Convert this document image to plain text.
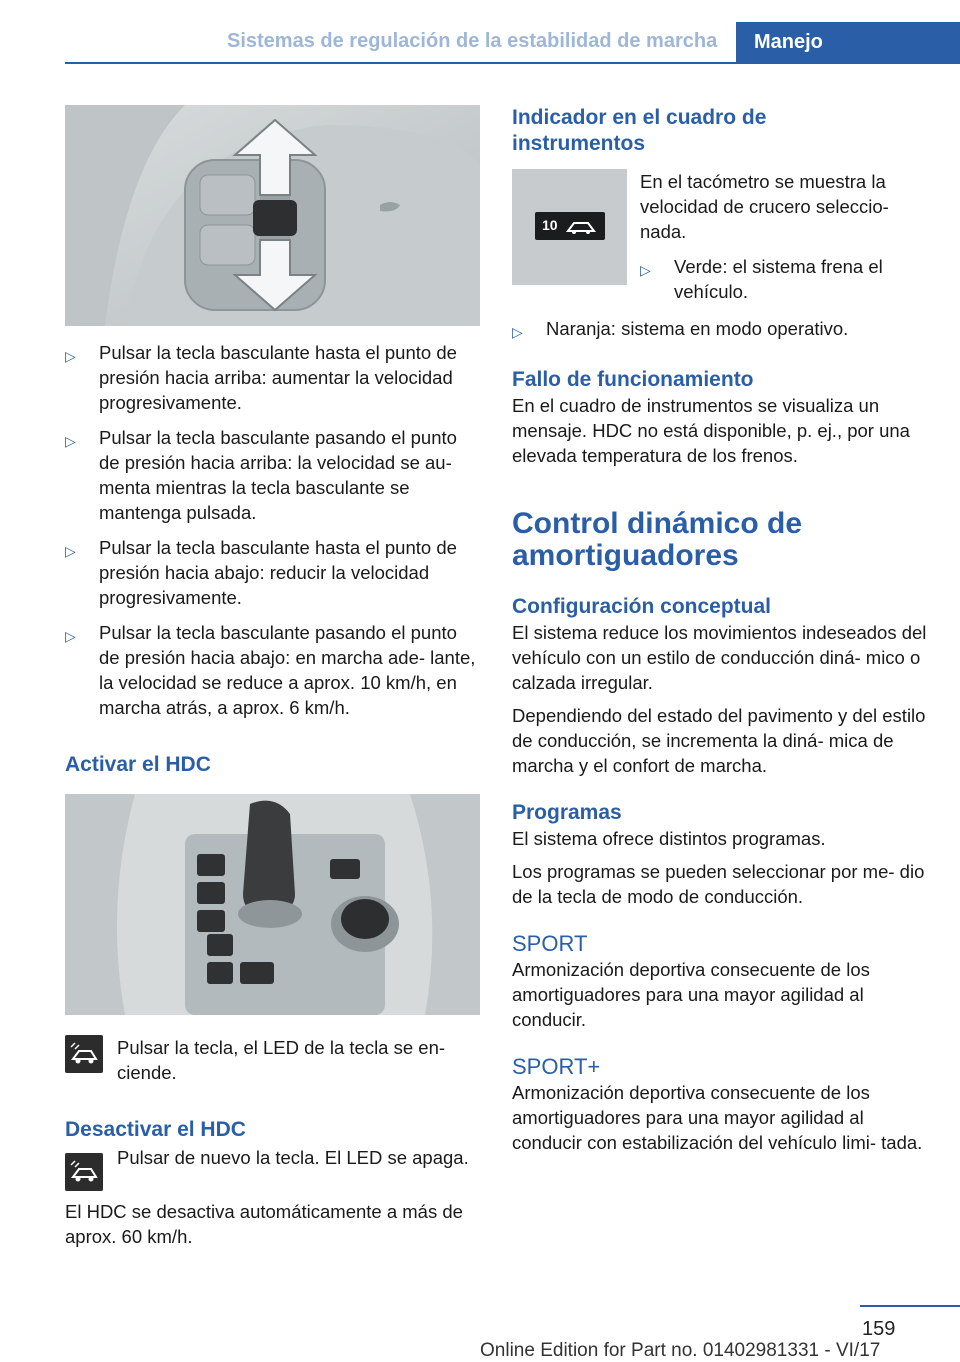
Sistemas de regulación de la estabilidad de marcha	Manejo
▷ Pulsar la tecla basculante hasta el punto de presión hacia arriba: aumentar la velocidad progresivamente.
▷ Pulsar la tecla basculante pasando el punto de presión hacia arriba: la velocidad se au‐ menta mientras la tecla basculante se mantenga pulsada.
▷ Pulsar la tecla basculante hasta el punto de presión hacia abajo: reducir la velocidad progresivamente.
▷ Pulsar la tecla basculante pasando el punto de presión hacia abajo: en marcha ade‐ lante, la velocidad se reduce a aprox. 10 km/h, en marcha atrás, a aprox. 6 km/h.
Activar el HDC
Pulsar la tecla, el LED de la tecla se en‐ ciende.
Desactivar el HDC
Pulsar de nuevo la tecla. El LED se apaga.

El HDC se desactiva automáticamente a más de aprox. 60 km/h.

Indicador en el cuadro de instrumentos
10

En el tacómetro se muestra la velocidad de crucero seleccio‐ nada.

▷ Verde: el sistema frena el vehículo.
▷ Naranja: sistema en modo operativo.
Fallo de funcionamiento

En el cuadro de instrumentos se visualiza un mensaje. HDC no está disponible, p. ej., por una elevada temperatura de los frenos.

Control dinámico de amortiguadores
Configuración conceptual

El sistema reduce los movimientos indeseados del vehículo con un estilo de conducción diná‐ mico o calzada irregular.

Dependiendo del estado del pavimento y del estilo de conducción, se incrementa la diná‐ mica de marcha y el confort de marcha.

Programas

El sistema ofrece distintos programas.

Los programas se pueden seleccionar por me‐ dio de la tecla de modo de conducción.

SPORT

Armonización deportiva consecuente de los amortiguadores para una mayor agilidad al conducir.

SPORT+

Armonización deportiva consecuente de los amortiguadores para una mayor agilidad al conducir con estabilización del vehículo limi‐ tada.

159
Online Edition for Part no. 01402981331 - VI/17
